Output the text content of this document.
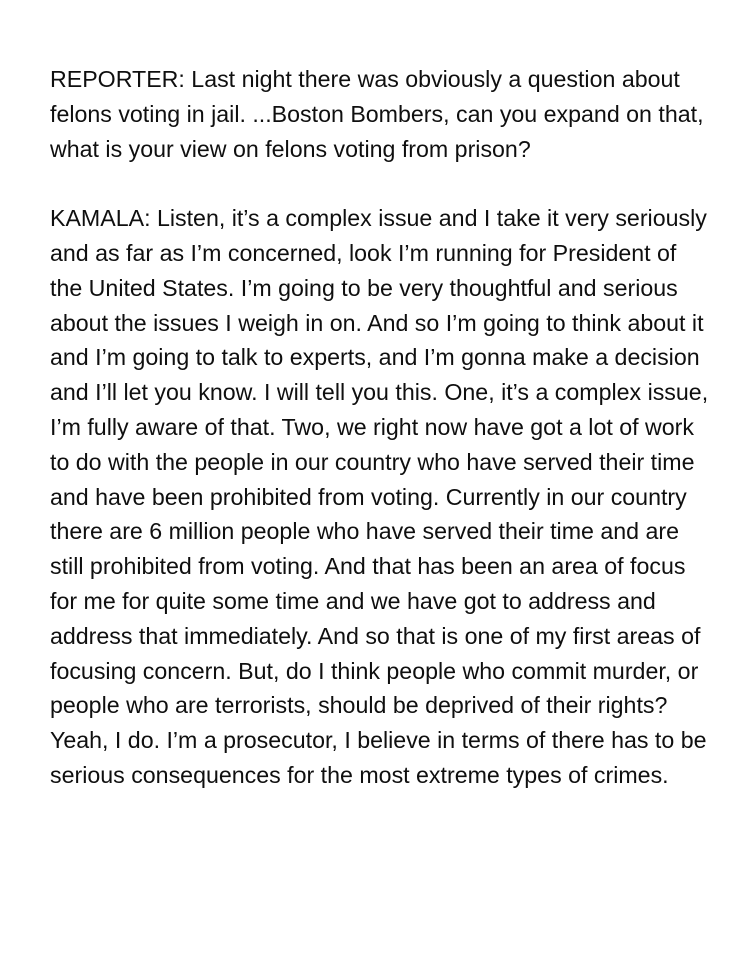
REPORTER: Last night there was obviously a question about felons voting in jail. ...Boston Bombers, can you expand on that, what is your view on felons voting from prison?

KAMALA: Listen, it’s a complex issue and I take it very seriously and as far as I’m concerned, look I’m running for President of the United States. I’m going to be very thoughtful and serious about the issues I weigh in on. And so I’m going to think about it and I’m going to talk to experts, and I’m gonna make a decision and I’ll let you know. I will tell you this. One, it’s a complex issue, I’m fully aware of that. Two, we right now have got a lot of work to do with the people in our country who have served their time and have been prohibited from voting. Currently in our country there are 6 million people who have served their time and are still prohibited from voting. And that has been an area of focus for me for quite some time and we have got to address and address that immediately. And so that is one of my first areas of focusing concern. But, do I think people who commit murder, or people who are terrorists, should be deprived of their rights? Yeah, I do. I’m a prosecutor, I believe in terms of there has to be serious consequences for the most extreme types of crimes.
